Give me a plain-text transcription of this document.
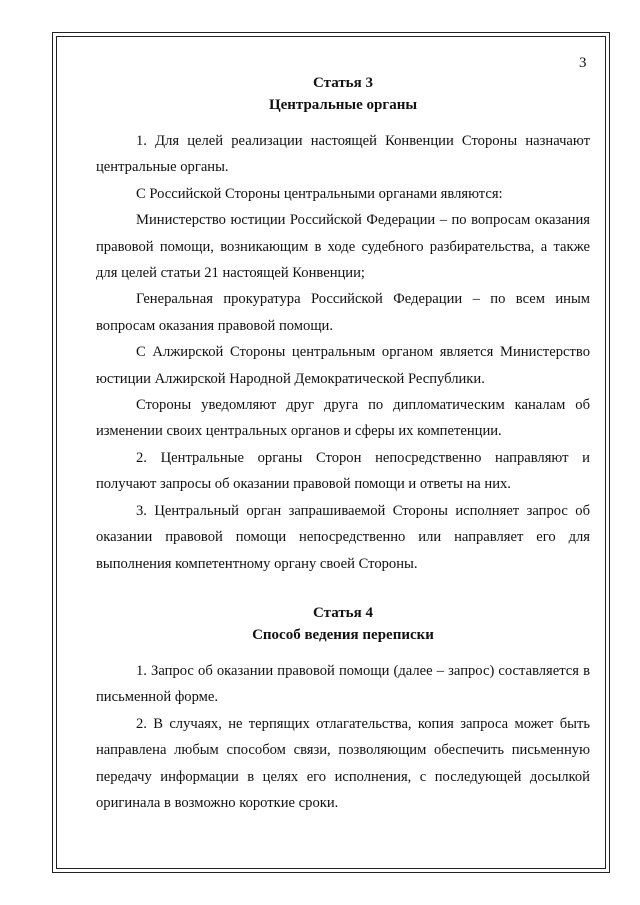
3
Статья 3
Центральные органы

1. Для целей реализации настоящей Конвенции Стороны назначают центральные органы.

С Российской Стороны центральными органами являются:

Министерство юстиции Российской Федерации – по вопросам оказания правовой помощи, возникающим в ходе судебного разбирательства, а также для целей статьи 21 настоящей Конвенции;

Генеральная прокуратура Российской Федерации – по всем иным вопросам оказания правовой помощи.

С Алжирской Стороны центральным органом является Министерство юстиции Алжирской Народной Демократической Республики.

Стороны уведомляют друг друга по дипломатическим каналам об изменении своих центральных органов и сферы их компетенции.

2. Центральные органы Сторон непосредственно направляют и получают запросы об оказании правовой помощи и ответы на них.

3. Центральный орган запрашиваемой Стороны исполняет запрос об оказании правовой помощи непосредственно или направляет его для выполнения компетентному органу своей Стороны.

Статья 4
Способ ведения переписки

1. Запрос об оказании правовой помощи (далее – запрос) составляется в письменной форме.

2. В случаях, не терпящих отлагательства, копия запроса может быть направлена любым способом связи, позволяющим обеспечить письменную передачу информации в целях его исполнения, с последующей досылкой оригинала в возможно короткие сроки.
